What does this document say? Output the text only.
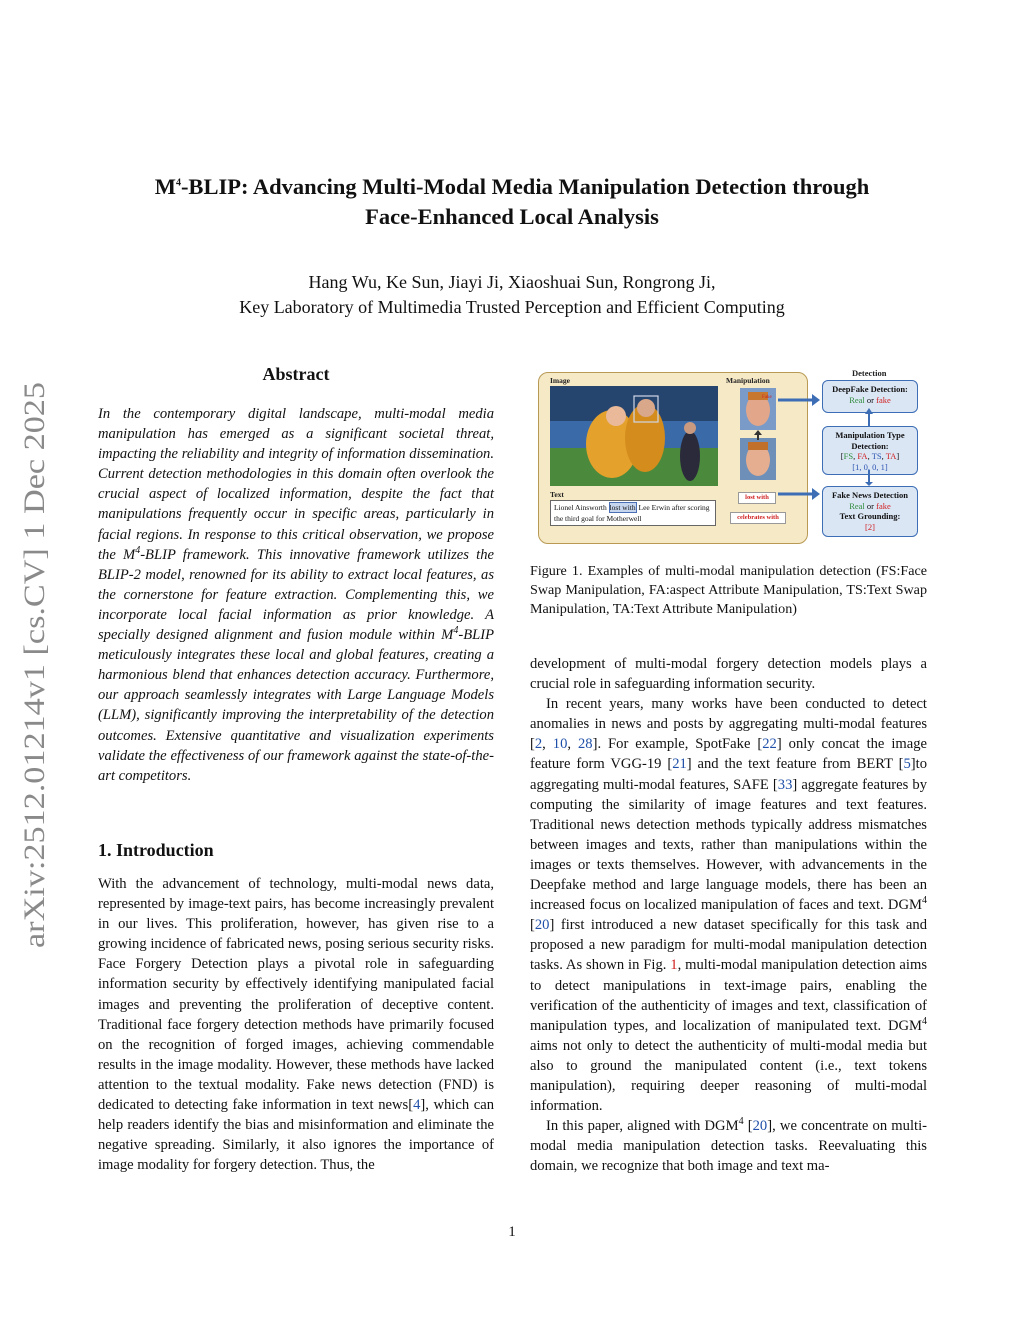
arXiv:2512.01214v1 [cs.CV] 1 Dec 2025
$M^4$-BLIP: Advancing Multi-Modal Media Manipulation Detection through
Face-Enhanced Local Analysis
Hang Wu, Ke Sun, Jiayi Ji, Xiaoshuai Sun, Rongrong Ji,
Key Laboratory of Multimedia Trusted Perception and Efficient Computing
Abstract
In the contemporary digital landscape, multi-modal media manipulation has emerged as a significant societal threat, impacting the reliability and integrity of information dissemination. Current detection methodologies in this domain often overlook the crucial aspect of localized information, despite the fact that manipulations frequently occur in specific areas, particularly in facial regions. In response to this critical observation, we propose the $M^4$-BLIP framework. This innovative framework utilizes the BLIP-2 model, renowned for its ability to extract local features, as the cornerstone for feature extraction. Complementing this, we incorporate local facial information as prior knowledge. A specially designed alignment and fusion module within $M^4$-BLIP meticulously integrates these local and global features, creating a harmonious blend that enhances detection accuracy. Furthermore, our approach seamlessly integrates with Large Language Models (LLM), significantly improving the interpretability of the detection outcomes. Extensive quantitative and visualization experiments validate the effectiveness of our framework against the state-of-the-art competitors.
1. Introduction
With the advancement of technology, multi-modal news data, represented by image-text pairs, has become increasingly prevalent in our lives. This proliferation, however, has given rise to a growing incidence of fabricated news, posing serious security risks. Face Forgery Detection plays a pivotal role in safeguarding information security by effectively identifying manipulated facial images and preventing the proliferation of deceptive content. Traditional face forgery detection methods have primarily focused on the recognition of forged images, achieving commendable results in the image modality. However, these methods have lacked attention to the textual modality. Fake news detection (FND) is dedicated to detecting fake information in text news[4], which can help readers identify the bias and misinformation and eliminate the negative spreading. Similarly, it also ignores the importance of image modality for forgery detection. Thus, the
Image	Manipulation
Text
Detection
Fake
Lionel Ainsworth lost with Lee Erwin after scoring the third goal for Motherwell
lost with
celebrates with
DeepFake Detection:
Real or fake
Manipulation Type
Detection:
[FS, FA, TS, TA]
[1, 0, 0, 1]
Fake News Detection
Real or fake
Text Grounding:
[2]
Figure 1. Examples of multi-modal manipulation detection (FS:Face Swap Manipulation, FA:aspect Attribute Manipulation, TS:Text Swap Manipulation, TA:Text Attribute Manipulation)

development of multi-modal forgery detection models plays a crucial role in safeguarding information security.

In recent years, many works have been conducted to detect anomalies in news and posts by aggregating multi-modal features [2, 10, 28]. For example, SpotFake [22] only concat the image feature form VGG-19 [21] and the text feature from BERT [5]to aggregating multi-modal features, SAFE [33] aggregate features by computing the similarity of image features and text features. Traditional news detection methods typically address mismatches between images and texts, rather than manipulations within the images or texts themselves. However, with advancements in the Deepfake method and large language models, there has been an increased focus on localized manipulation of faces and text. DGM$^4$ [20] first introduced a new dataset specifically for this task and proposed a new paradigm for multi-modal manipulation detection tasks. As shown in Fig. 1, multi-modal manipulation detection aims to detect manipulations in text-image pairs, enabling the verification of the authenticity of images and text, classification of manipulation types, and localization of manipulated text. DGM$^4$ aims not only to detect the authenticity of multi-modal media but also to ground the manipulated content (i.e., text tokens manipulation), requiring deeper reasoning of multi-modal information.

In this paper, aligned with DGM$^4$ [20], we concentrate on multi-modal media manipulation detection tasks. Reevaluating this domain, we recognize that both image and text ma-

1
